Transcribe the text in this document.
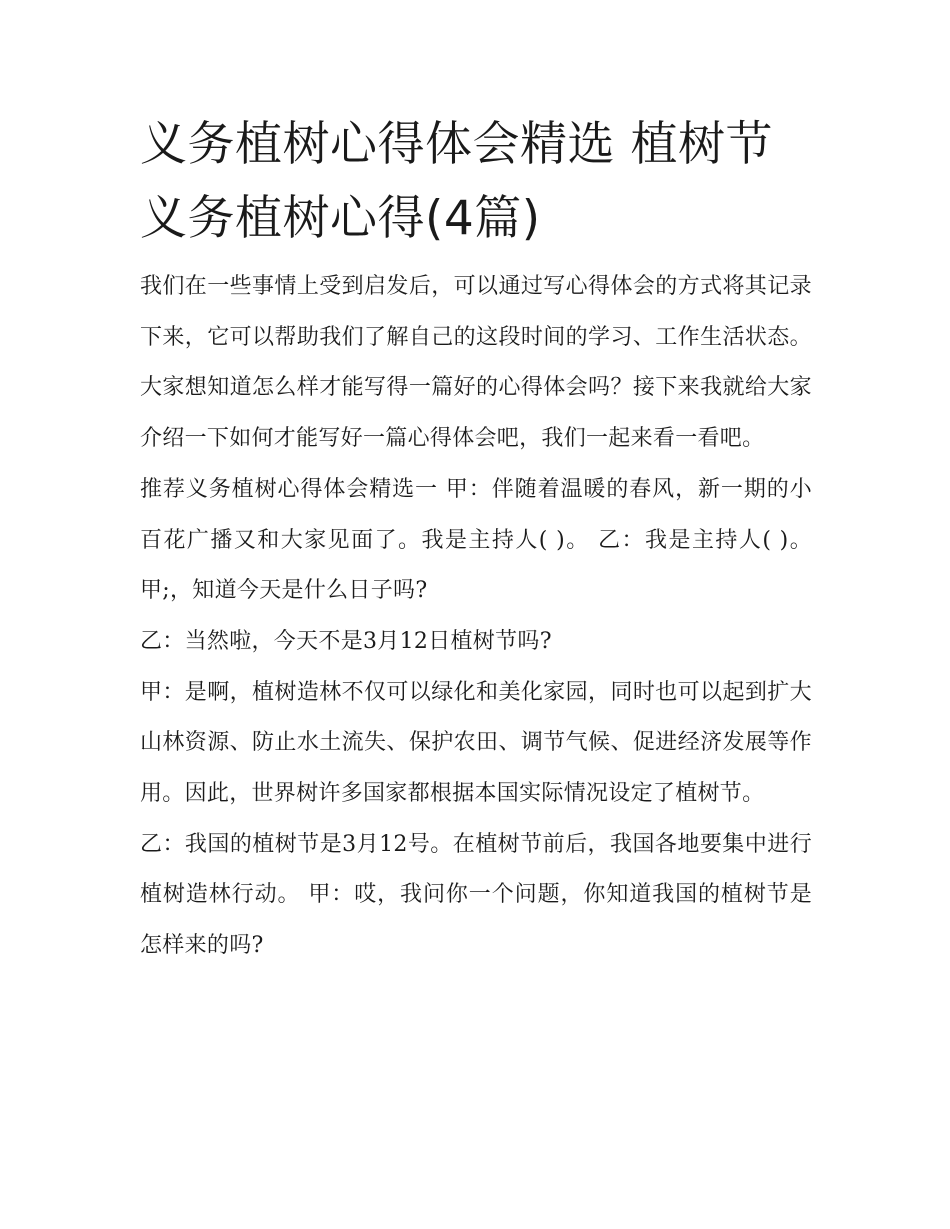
义务植树心得体会精选 植树节义务植树心得(4篇)

我们在一些事情上受到启发后，可以通过写心得体会的方式将其记录下来，它可以帮助我们了解自己的这段时间的学习、工作生活状态。大家想知道怎么样才能写得一篇好的心得体会吗？接下来我就给大家介绍一下如何才能写好一篇心得体会吧，我们一起来看一看吧。

推荐义务植树心得体会精选一 甲：伴随着温暖的春风，新一期的小百花广播又和大家见面了。我是主持人( )。 乙：我是主持人( )。 甲;，知道今天是什么日子吗?

乙：当然啦，今天不是3月12日植树节吗?

甲：是啊，植树造林不仅可以绿化和美化家园，同时也可以起到扩大山林资源、防止水土流失、保护农田、调节气候、促进经济发展等作用。因此，世界树许多国家都根据本国实际情况设定了植树节。

乙：我国的植树节是3月12号。在植树节前后，我国各地要集中进行植树造林行动。 甲：哎，我问你一个问题，你知道我国的植树节是怎样来的吗?
